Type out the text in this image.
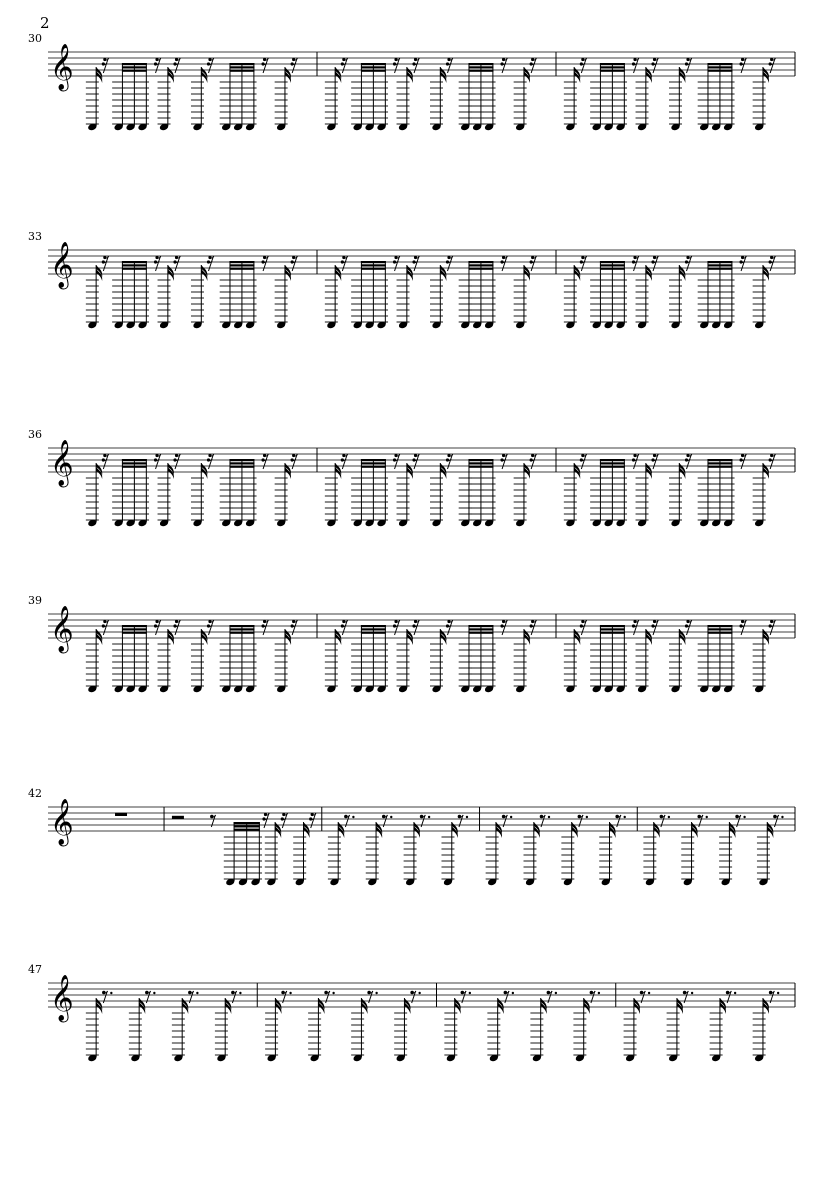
2
𝄞
30
𝄞
33
𝄞
36
𝄞
39
𝄞
42
𝄞
47
